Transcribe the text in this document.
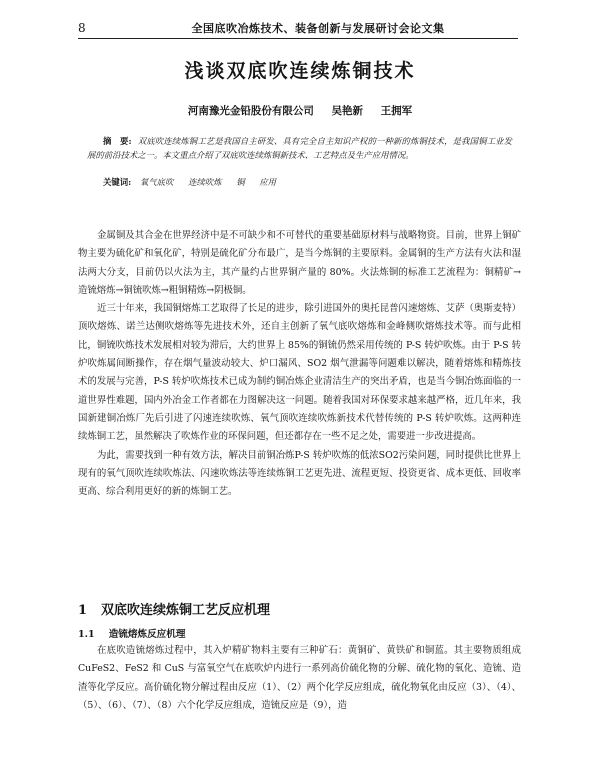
8	全国底吹冶炼技术、装备创新与发展研讨会论文集
浅谈双底吹连续炼铜技术
河南豫光金铅股份有限公司 吴艳新 王拥军
摘　要: 双底吹连续炼铜工艺是我国自主研发、具有完全自主知识产权的一种新的炼铜技术，是我国铜工业发展的前沿技术之一。本文重点介绍了双底吹连续炼铜新技术、工艺特点及生产应用情况。
关键词: 氧气底吹 连续吹炼 铜 应用

金属铜及其合金在世界经济中是不可缺少和不可替代的重要基础原材料与战略物资。目前，世界上铜矿物主要为硫化矿和氧化矿，特别是硫化矿分布最广，是当今炼铜的主要原料。金属铜的生产方法有火法和湿法两大分支，目前仍以火法为主，其产量约占世界铜产量的 80%。火法炼铜的标准工艺流程为：铜精矿→造锍熔炼→铜锍吹炼→粗铜精炼→阴极铜。

近三十年来，我国铜熔炼工艺取得了长足的进步，除引进国外的奥托昆普闪速熔炼、艾萨（奥斯麦特）顶吹熔炼、诺兰达侧吹熔炼等先进技术外，还自主创新了氧气底吹熔炼和金峰侧吹熔炼技术等。而与此相比，铜锍吹炼技术发展相对较为滞后，大约世界上 85%的铜锍仍然采用传统的 P-S 转炉吹炼。由于 P-S 转炉吹炼属间断操作，存在烟气量波动较大、炉口漏风、SO2 烟气泄漏等问题难以解决，随着熔炼和精炼技术的发展与完善，P-S 转炉吹炼技术已成为制约铜冶炼企业清洁生产的突出矛盾，也是当今铜冶炼面临的一道世界性难题，国内外冶金工作者都在力图解决这一问题。随着我国对环保要求越来越严格，近几年来，我国新建铜冶炼厂先后引进了闪速连续吹炼、氧气顶吹连续吹炼新技术代替传统的 P-S 转炉吹炼。这两种连续炼铜工艺，虽然解决了吹炼作业的环保问题，但还都存在一些不足之处，需要进一步改进提高。

为此，需要找到一种有效方法，解决目前铜冶炼P-S 转炉吹炼的低浓SO2污染问题，同时提供比世界上现有的氧气顶吹连续吹炼法、闪速吹炼法等连续炼铜工艺更先进、流程更短、投资更省、成本更低、回收率更高、综合利用更好的新的炼铜工艺。

1 双底吹连续炼铜工艺反应机理
1.1 造锍熔炼反应机理

在底吹造锍熔炼过程中，其入炉精矿物料主要有三种矿石：黄铜矿、黄铁矿和铜蓝。其主要物质组成 CuFeS2、FeS2 和 CuS 与富氧空气在底吹炉内进行一系列高价硫化物的分解、硫化物的氧化、造锍、造渣等化学反应。高价硫化物分解过程由反应（1）、（2）两个化学反应组成，硫化物氧化由反应（3）、（4）、（5）、（6）、（7）、（8）六个化学反应组成，造锍反应是（9），造
